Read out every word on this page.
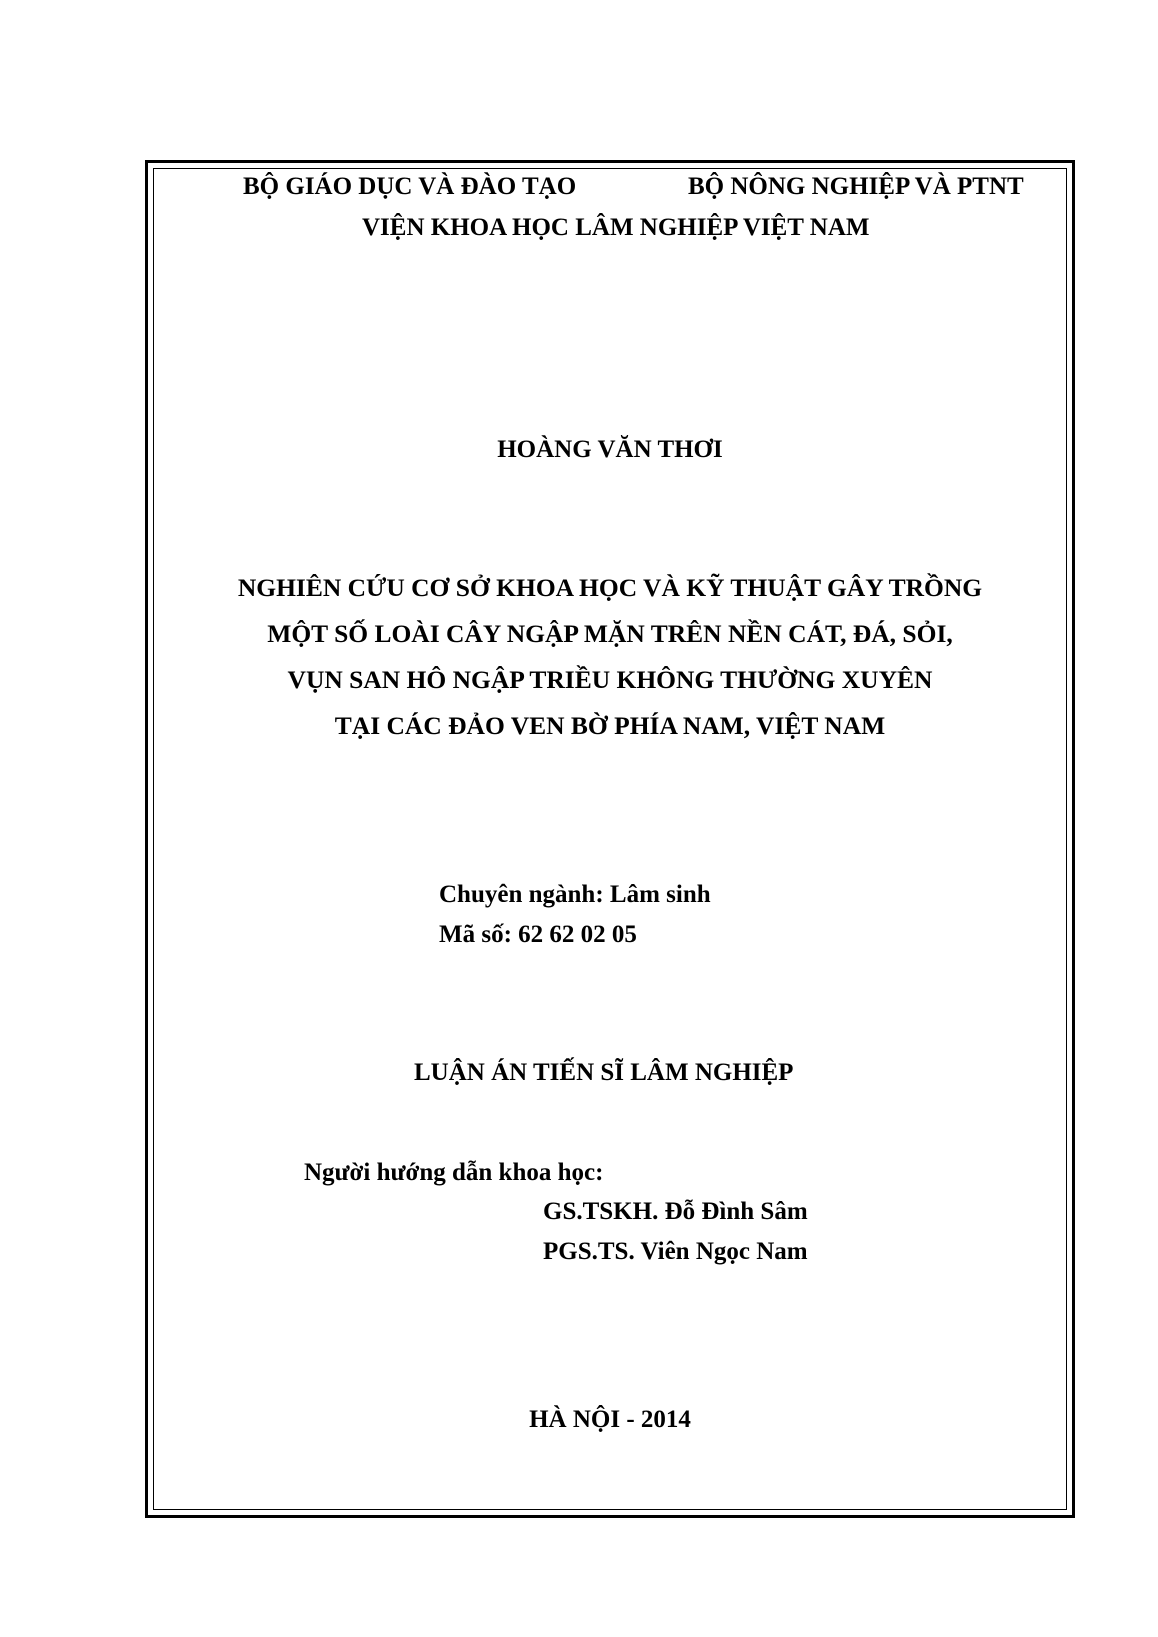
BỘ GIÁO DỤC VÀ ĐÀO TẠO	BỘ NÔNG NGHIỆP VÀ PTNT
VIỆN KHOA HỌC LÂM NGHIỆP VIỆT NAM
HOÀNG VĂN THƠI
NGHIÊN CỨU CƠ SỞ KHOA HỌC VÀ KỸ THUẬT GÂY TRỒNG
MỘT SỐ LOÀI CÂY NGẬP MẶN TRÊN NỀN CÁT, ĐÁ, SỎI,
VỤN SAN HÔ NGẬP TRIỀU KHÔNG THƯỜNG XUYÊN
TẠI CÁC ĐẢO VEN BỜ PHÍA NAM, VIỆT NAM
Chuyên ngành: Lâm sinh
Mã số: 62 62 02 05
LUẬN ÁN TIẾN SĨ LÂM NGHIỆP
Người hướng dẫn khoa học:
GS.TSKH. Đỗ Đình Sâm
PGS.TS. Viên Ngọc Nam
HÀ NỘI - 2014
